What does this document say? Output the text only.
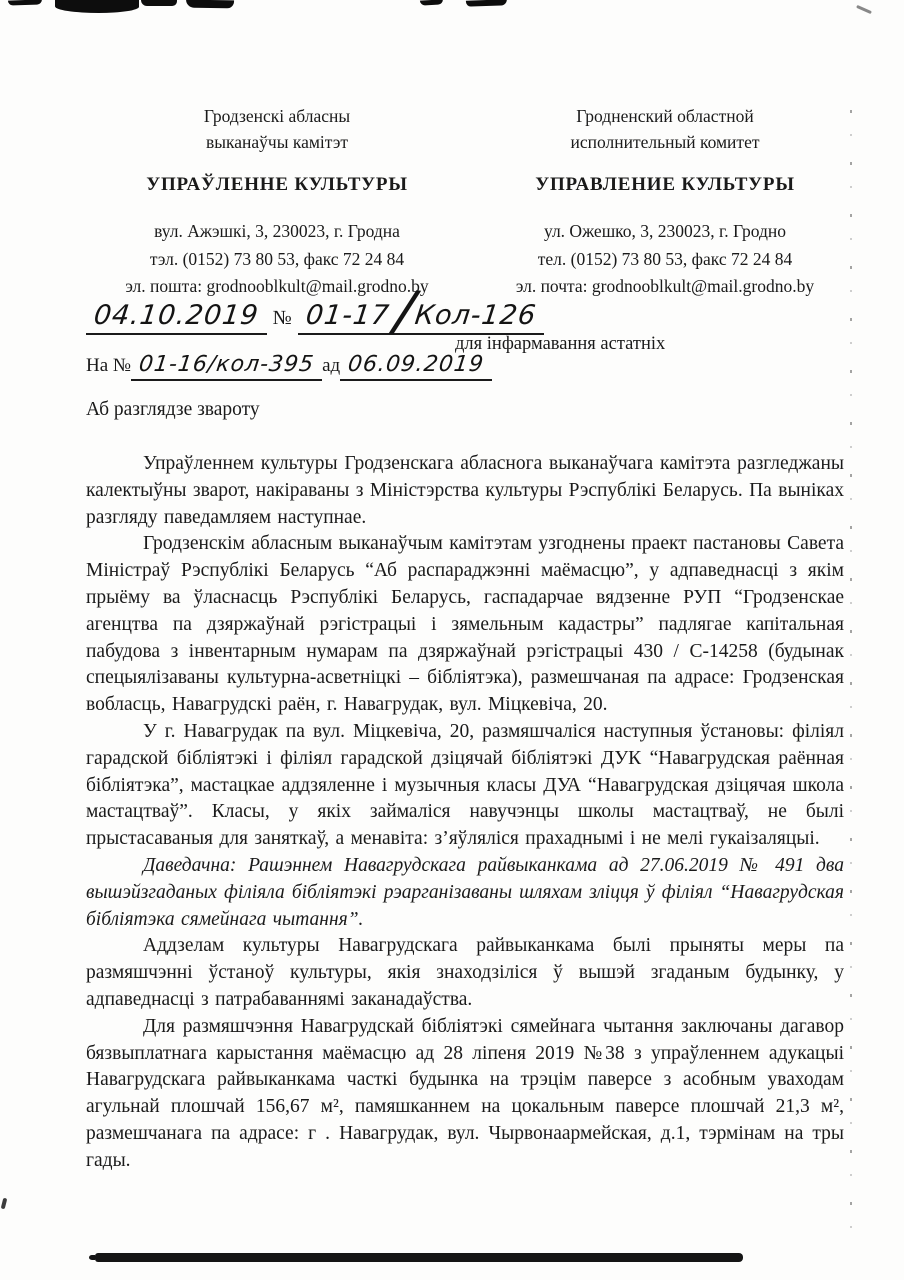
Гродзенскі абласны
выканаўчы камітэт
УПРАЎЛЕННЕ КУЛЬТУРЫ
вул. Ажэшкі, 3, 230023, г. Гродна
тэл. (0152) 73 80 53, факс 72 24 84
эл. пошта: grodnooblkult@mail.grodno.by
Гродненский областной
исполнительный комитет
УПРАВЛЕНИЕ КУЛЬТУРЫ
ул. Ожешко, 3, 230023, г. Гродно
тел. (0152) 73 80 53, факс 72 24 84
эл. почта: grodnooblkult@mail.grodno.by
04.10.2019 № 01-17/Кол-126
На № 01-16/кол-395 ад 06.09.2019
для інфармавання астатніх
Аб разглядзе звароту

Упраўленнем культуры Гродзенскага абласнога выканаўчага камітэта разгледжаны калектыўны зварот, накіраваны з Міністэрства культуры Рэспублікі Беларусь. Па выніках разгляду паведамляем наступнае.

Гродзенскім абласным выканаўчым камітэтам узгоднены праект пастановы Савета Міністраў Рэспублікі Беларусь “Аб распараджэнні маёмасцю”, у адпаведнасці з якім прыёму ва ўласнасць Рэспублікі Беларусь, гаспадарчае вядзенне РУП “Гродзенскае агенцтва па дзяржаўнай рэгістрацыі і зямельным кадастры” падлягае капітальная пабудова з інвентарным нумарам па дзяржаўнай рэгістрацыі 430 / С-14258 (будынак спецыялізаваны культурна-асветніцкі – бібліятэка), размешчаная па адрасе: Гродзенская вобласць, Навагрудскі раён, г. Навагрудак, вул. Міцкевіча, 20.

У г. Навагрудак па вул. Міцкевіча, 20, размяшчаліся наступныя ўстановы: філіял гарадской бібліятэкі і філіял гарадской дзіцячай бібліятэкі ДУК “Навагрудская раённая бібліятэка”, мастацкае аддзяленне і музычныя класы ДУА “Навагрудская дзіцячая школа мастацтваў”. Класы, у якіх займаліся навучэнцы школы мастацтваў, не былі прыстасаваныя для заняткаў, а менавіта: з’яўляліся прахаднымі і не мелі гукаізаляцыі.

Даведачна: Рашэннем Навагрудскага райвыканкама ад 27.06.2019 № 491 два вышэйзгаданых філіяла бібліятэкі рэарганізаваны шляхам зліцця ў філіял “Навагрудская бібліятэка сямейнага чытання”.

Аддзелам культуры Навагрудскага райвыканкама былі прыняты меры па размяшчэнні ўстаноў культуры, якія знаходзіліся ў вышэй згаданым будынку, у адпаведнасці з патрабаваннямі заканадаўства.

Для размяшчэння Навагрудскай бібліятэкі сямейнага чытання заключаны дагавор бязвыплатнага карыстання маёмасцю ад 28 ліпеня 2019 №38 з упраўленнем адукацыі Навагрудскага райвыканкама часткі будынка на трэцім паверсе з асобным уваходам агульнай плошчай 156,67 м², памяшканнем на цокальным паверсе плошчай 21,3 м², размешчанага па адрасе: г . Навагрудак, вул. Чырвонаармейская, д.1, тэрмінам на тры гады.
